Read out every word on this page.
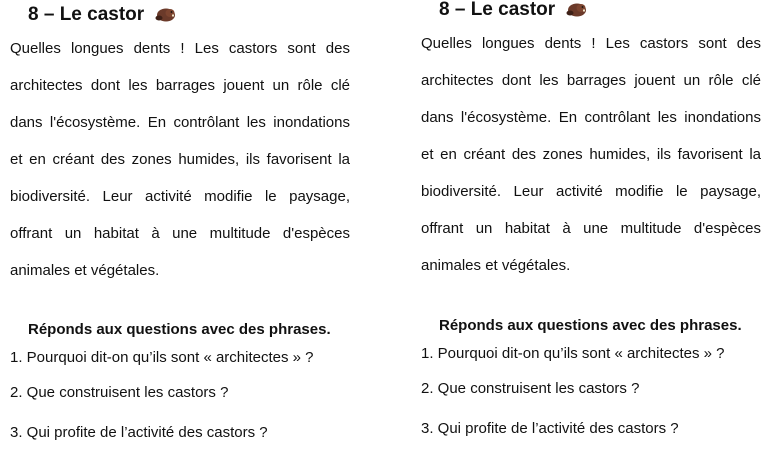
8 – Le castor

Quelles longues dents ! Les castors sont des architectes dont les barrages jouent un rôle clé dans l'écosystème. En contrôlant les inondations et en créant des zones humides, ils favorisent la biodiversité. Leur activité modifie le paysage, offrant un habitat à une multitude d'espèces animales et végétales.

Réponds aux questions avec des phrases.
1. Pourquoi dit-on qu’ils sont « architectes » ?
2. Que construisent les castors ?
3. Qui profite de l’activité des castors ?
8 – Le castor

Quelles longues dents ! Les castors sont des architectes dont les barrages jouent un rôle clé dans l'écosystème. En contrôlant les inondations et en créant des zones humides, ils favorisent la biodiversité. Leur activité modifie le paysage, offrant un habitat à une multitude d'espèces animales et végétales.

Réponds aux questions avec des phrases.
1. Pourquoi dit-on qu’ils sont « architectes » ?
2. Que construisent les castors ?
3. Qui profite de l’activité des castors ?
